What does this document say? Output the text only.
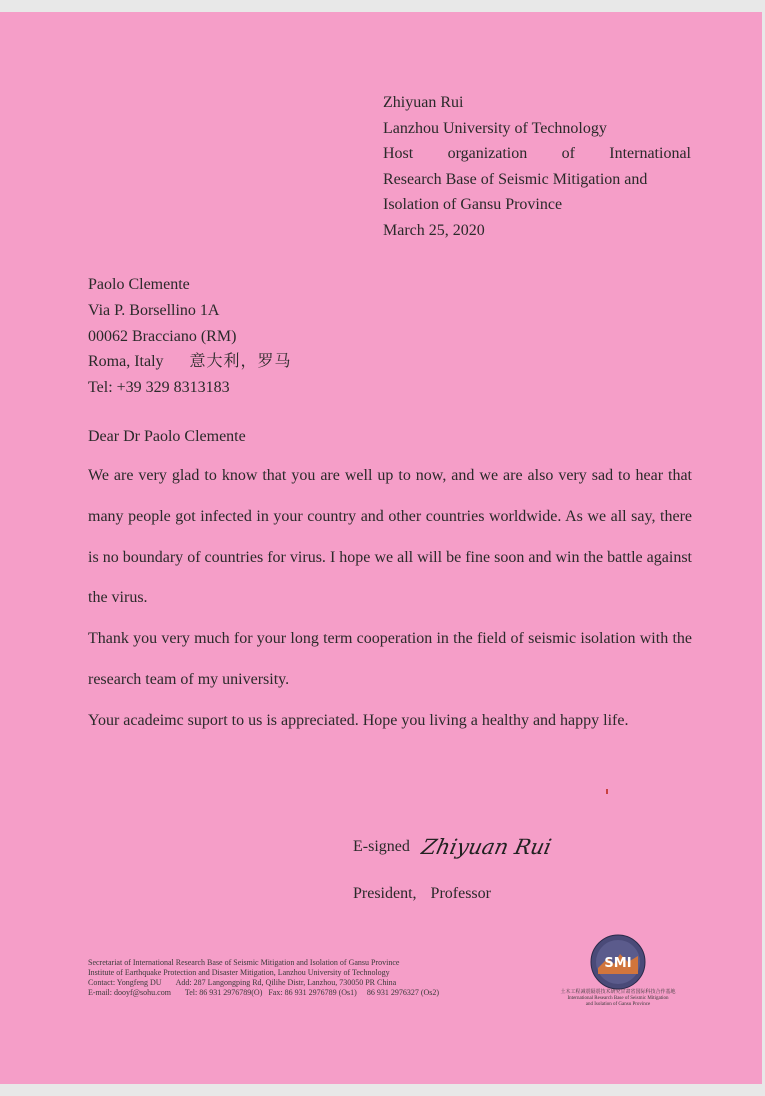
Zhiyuan Rui
Lanzhou University of Technology
Host organization of International
Research Base of Seismic Mitigation and
Isolation of Gansu Province
March 25, 2020
Paolo Clemente
Via P. Borsellino 1A
00062 Bracciano (RM)
Roma, Italy 意大利，罗马
Tel: +39 329 8313183
Dear Dr Paolo Clemente

We are very glad to know that you are well up to now, and we are also very sad to hear that many people got infected in your country and other countries worldwide. As we all say, there is no boundary of countries for virus. I hope we all will be fine soon and win the battle against the virus.

Thank you very much for your long term cooperation in the field of seismic isolation with the research team of my university.

Your acadeimc suport to us is appreciated. Hope you living a healthy and happy life.

E-signed Zhiyuan Rui
President, Professor
Secretariat of International Research Base of Seismic Mitigation and Isolation of Gansu Province
Institute of Earthquake Protection and Disaster Mitigation, Lanzhou University of Technology
Contact: Yongfeng DU Add: 287 Langongping Rd, Qilihe Distr, Lanzhou, 730050 PR China
E-mail: dooyf@sohu.com Tel: 86 931 2976789(O) Fax: 86 931 2976789 (Os1) 86 931 2976327 (Os2)
SMI
土木工程减震隔震技术研究甘肃省国际科技合作基地
International Research Base of Seismic Mitigation
and Isolation of Gansu Province
